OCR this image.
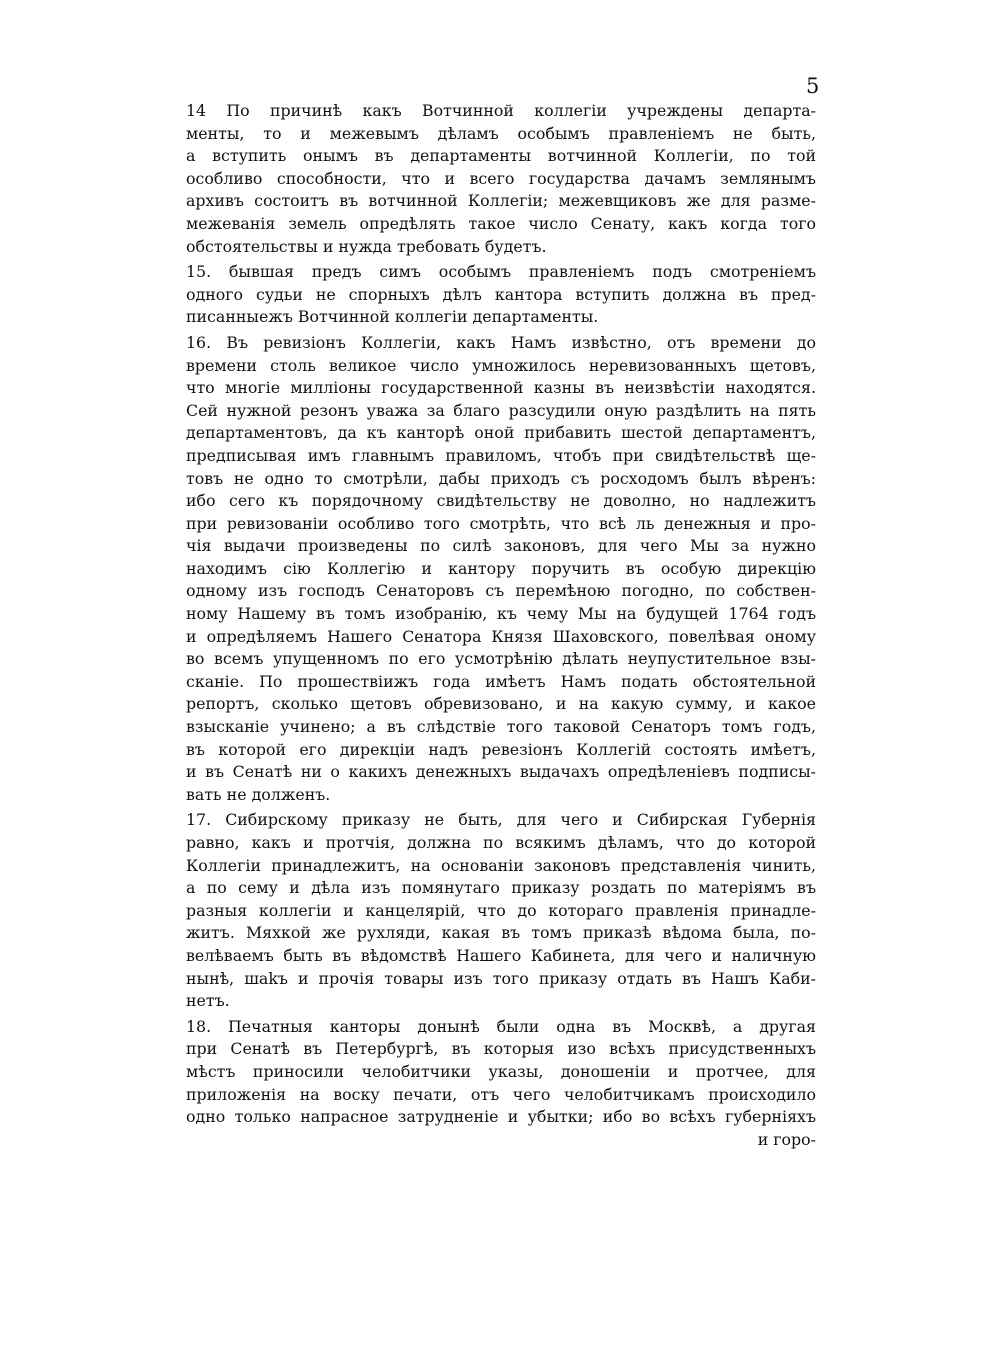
5

14 По причинѣ какъ Вотчинной коллегіи учреждены департа-
менты, то и межевымъ дѣламъ особымъ правленіемъ не быть,
а вступить онымъ въ департаменты вотчинной Коллегіи, по той
особливо способности, что и всего государства дачамъ землянымъ
архивъ состоитъ въ вотчинной Коллегіи; межевщиковъ же для разме-
межеванія земель опредѣлять такое число Сенату, какъ когда того
обстоятельствы и нужда требовать будетъ.

15. бывшая предъ симъ особымъ правленіемъ подъ смотреніемъ
одного судьи не спорныхъ дѣлъ кантора вступить должна въ пред-
писанныежъ Вотчинной коллегіи департаменты.

16. Въ ревизіонъ Коллегіи, какъ Намъ извѣстно, отъ времени до
времени столь великое число умножилось неревизованныхъ щетовъ,
что многіе милліоны государственной казны въ неизвѣстіи находятся.
Сей нужной резонъ уважа за благо разсудили оную раздѣлить на пять
департаментовъ, да къ канторѣ оной прибавить шестой департаментъ,
предписывая имъ главнымъ правиломъ, чтобъ при свидѣтельствѣ ще-
товъ не одно то смотрѣли, дабы приходъ съ росходомъ былъ вѣренъ:
ибо сего къ порядочному свидѣтельству не доволно, но надлежитъ
при ревизованіи особливо того смотрѣть, что всѣ ль денежныя и про-
чія выдачи произведены по силѣ законовъ, для чего Мы за нужно
находимъ сію Коллегію и кантору поручить въ особую дирекцію
одному изъ господъ Сенаторовъ съ перемѣною погодно, по собствен-
ному Нашему въ томъ изобранію, къ чему Мы на будущей 1764 годъ
и опредѣляемъ Нашего Сенатора Князя Шаховского, повелѣвая оному
во всемъ упущенномъ по его усмотрѣнію дѣлать неупустительное взы-
сканіе. По прошествіижъ года имѣетъ Намъ подать обстоятельной
репортъ, сколько щетовъ обревизовано, и на какую сумму, и какое
взысканіе учинено; а въ слѣдствіе того таковой Сенаторъ томъ годъ,
въ которой его дирекціи надъ ревезіонъ Коллегій состоять имѣетъ,
и въ Сенатѣ ни о какихъ денежныхъ выдачахъ опредѣленіевъ подписы-
вать не долженъ.

17. Сибирскому приказу не быть, для чего и Сибирская Губернія
равно, какъ и протчія, должна по всякимъ дѣламъ, что до которой
Коллегіи принадлежитъ, на основаніи законовъ представленія чинить,
а по сему и дѣла изъ помянутаго приказу роздать по матеріямъ въ
разныя коллегіи и канцелярій, что до котораго правленія принадле-
житъ. Мяхкой же рухляди, какая въ томъ приказѣ вѣдома была, по-
велѣваемъ быть въ вѣдомствѣ Нашего Кабинета, для чего и наличную
нынѣ, шаkъ и прочія товары изъ того приказу отдать въ Нашъ Каби-
нетъ.

18. Печатныя канторы донынѣ были одна въ Москвѣ, а другая
при Сенатѣ въ Петербургѣ, въ которыя изо всѣхъ присудственныхъ
мѣстъ приносили челобитчики указы, доношеніи и протчее, для
приложенія на воску печати, отъ чего челобитчикамъ происходило
одно только напрасное затрудненіе и убытки; ибо во всѣхъ губерніяхъ
и горо-
